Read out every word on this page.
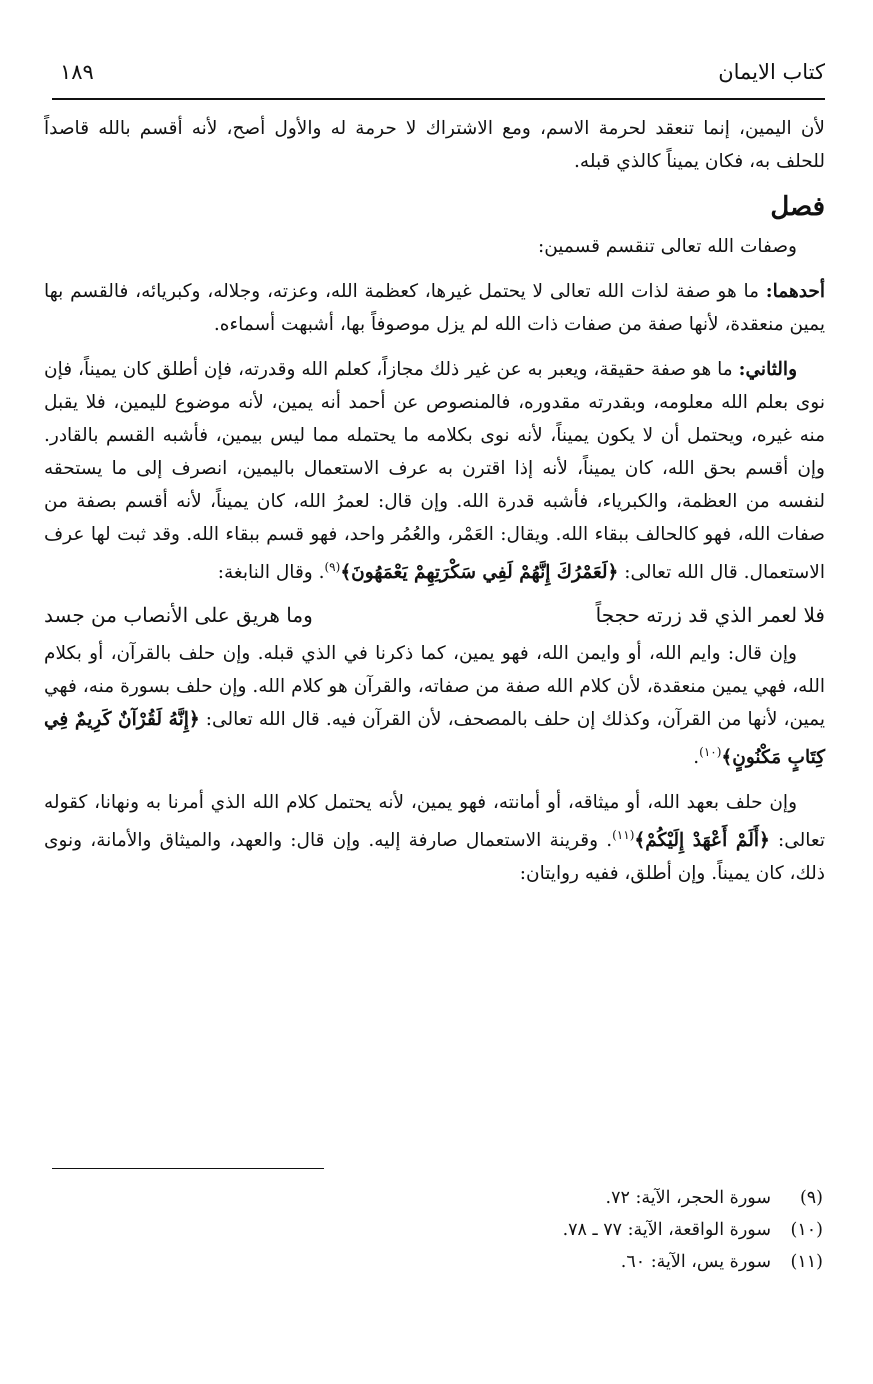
كتاب الايمان
١٨٩

لأن اليمين، إنما تنعقد لحرمة الاسم، ومع الاشتراك لا حرمة له والأول أصح، لأنه أقسم بالله قاصداً للحلف به، فكان يميناً كالذي قبله.

فصل

وصفات الله تعالى تنقسم قسمين:

أحدهما: ما هو صفة لذات الله تعالى لا يحتمل غيرها، كعظمة الله، وعزته، وجلاله، وكبريائه، فالقسم بها يمين منعقدة، لأنها صفة من صفات ذات الله لم يزل موصوفاً بها، أشبهت أسماءه.

والثاني: ما هو صفة حقيقة، ويعبر به عن غير ذلك مجازاً، كعلم الله وقدرته، فإن أطلق كان يميناً، فإن نوى بعلم الله معلومه، وبقدرته مقدوره، فالمنصوص عن أحمد أنه يمين، لأنه موضوع لليمين، فلا يقبل منه غيره، ويحتمل أن لا يكون يميناً، لأنه نوى بكلامه ما يحتمله مما ليس بيمين، فأشبه القسم بالقادر. وإن أقسم بحق الله، كان يميناً، لأنه إذا اقترن به عرف الاستعمال باليمين، انصرف إلى ما يستحقه لنفسه من العظمة، والكبرياء، فأشبه قدرة الله. وإن قال: لعمرُ الله، كان يميناً، لأنه أقسم بصفة من صفات الله، فهو كالحالف ببقاء الله. ويقال: العَمْر، والعُمُر واحد، فهو قسم ببقاء الله. وقد ثبت لها عرف الاستعمال. قال الله تعالى: ﴿لَعَمْرُكَ إِنَّهُمْ لَفِي سَكْرَتِهِمْ يَعْمَهُونَ﴾$^{(٩)}$. وقال النابغة:

فلا لعمر الذي قد زرته حججاً
وما هريق على الأنصاب من جسد

وإن قال: وايم الله، أو وايمن الله، فهو يمين، كما ذكرنا في الذي قبله. وإن حلف بالقرآن، أو بكلام الله، فهي يمين منعقدة، لأن كلام الله صفة من صفاته، والقرآن هو كلام الله. وإن حلف بسورة منه، فهي يمين، لأنها من القرآن، وكذلك إن حلف بالمصحف، لأن القرآن فيه. قال الله تعالى: ﴿إِنَّهُ لَقُرْآنٌ كَرِيمٌ فِي كِتَابٍ مَكْنُونٍ﴾$^{(١٠)}$.

وإن حلف بعهد الله، أو ميثاقه، أو أمانته، فهو يمين، لأنه يحتمل كلام الله الذي أمرنا به ونهانا، كقوله تعالى: ﴿أَلَمْ أَعْهَدْ إِلَيْكُمْ﴾$^{(١١)}$. وقرينة الاستعمال صارفة إليه. وإن قال: والعهد، والميثاق والأمانة، ونوى ذلك، كان يميناً. وإن أطلق، ففيه روايتان:

(٩)
سورة الحجر، الآية: ٧٢.
(١٠)
سورة الواقعة، الآية: ٧٧ ـ ٧٨.
(١١)
سورة يس، الآية: ٦٠.
